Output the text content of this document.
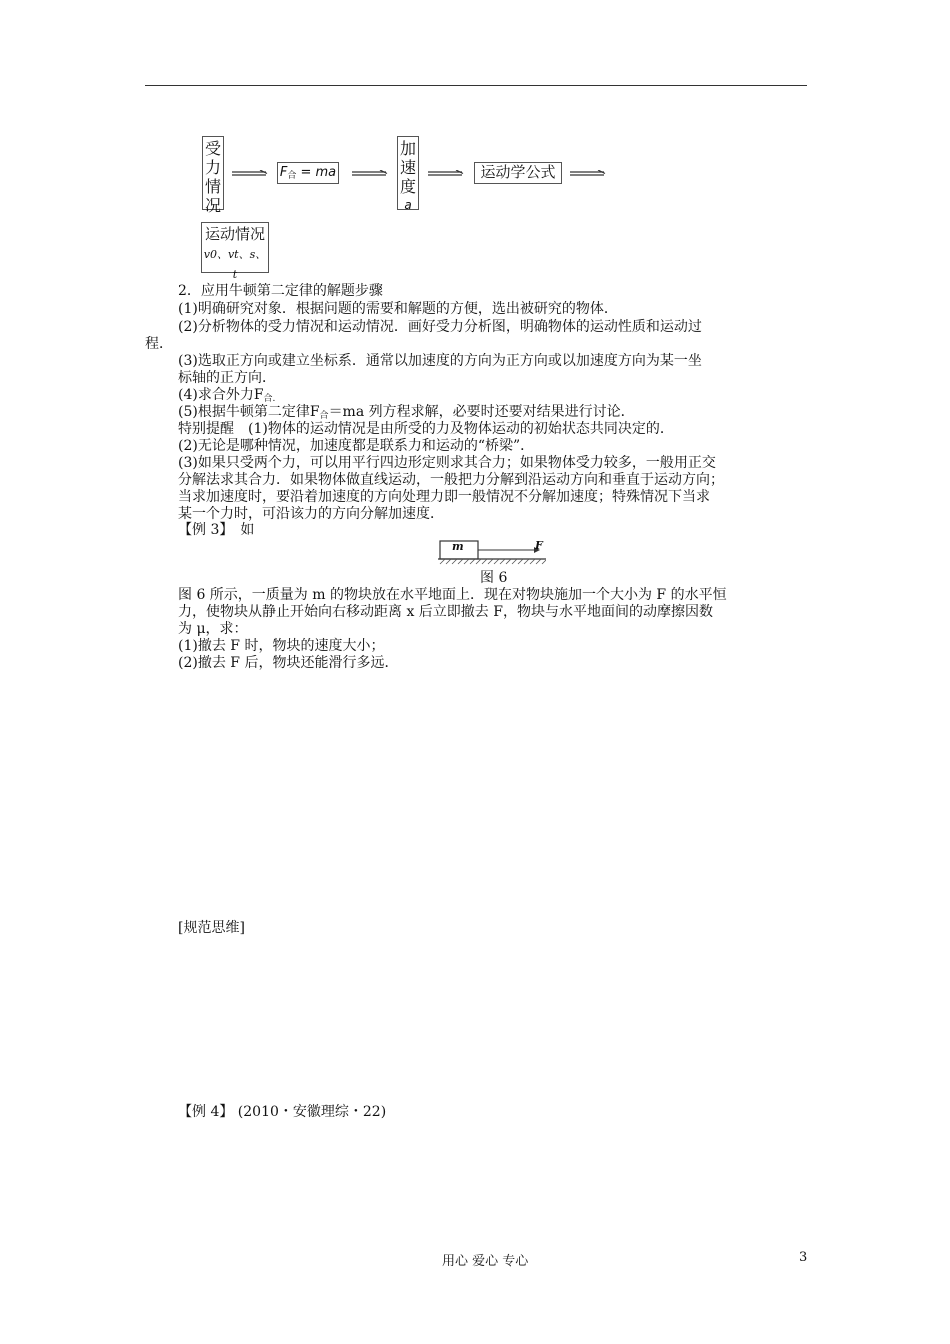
受
力
情
况
F合 = ma
加
速
度
a
运动学公式
运动情况
v0、vt、s、t
2．应用牛顿第二定律的解题步骤
(1)明确研究对象．根据问题的需要和解题的方便，选出被研究的物体．
(2)分析物体的受力情况和运动情况．画好受力分析图，明确物体的运动性质和运动过
程．
(3)选取正方向或建立坐标系．通常以加速度的方向为正方向或以加速度方向为某一坐
标轴的正方向．
(4)求合外力F合.
(5)根据牛顿第二定律F合＝ma 列方程求解，必要时还要对结果进行讨论．
特别提醒　(1)物体的运动情况是由所受的力及物体运动的初始状态共同决定的．
(2)无论是哪种情况，加速度都是联系力和运动的“桥梁”．
(3)如果只受两个力，可以用平行四边形定则求其合力；如果物体受力较多，一般用正交
分解法求其合力．如果物体做直线运动，一般把力分解到沿运动方向和垂直于运动方向；
当求加速度时，要沿着加速度的方向处理力即一般情况不分解加速度；特殊情况下当求
某一个力时，可沿该力的方向分解加速度．
【例 3】　如
m	F
图 6
图 6 所示，一质量为 m 的物块放在水平地面上．现在对物块施加一个大小为 F 的水平恒
力，使物块从静止开始向右移动距离 x 后立即撤去 F，物块与水平地面间的动摩擦因数
为 μ，求：
(1)撤去 F 时，物块的速度大小；
(2)撤去 F 后，物块还能滑行多远．
[规范思维]
【例 4】 (2010・安徽理综・22)
用心 爱心 专心	3
